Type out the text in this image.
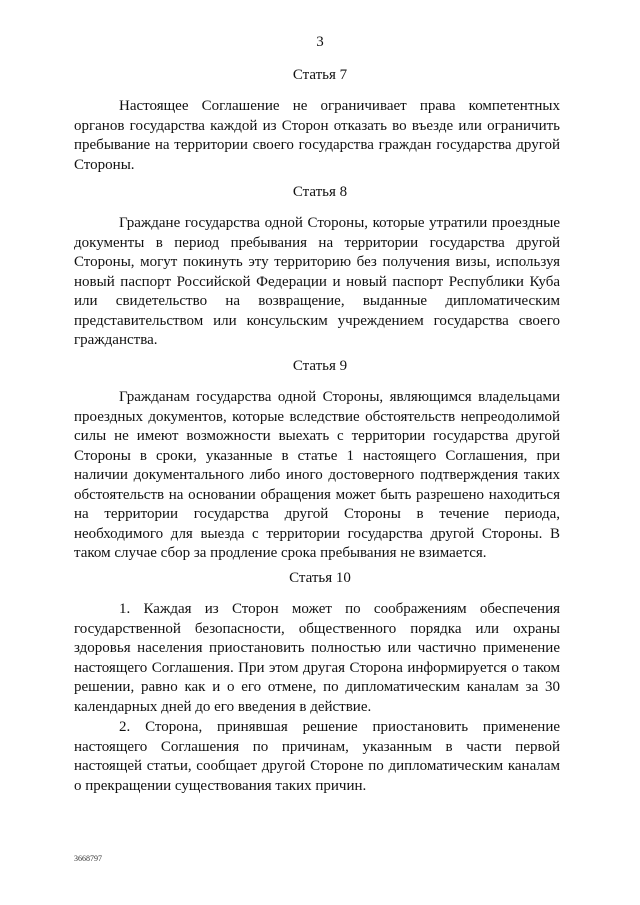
3
Статья 7
Настоящее Соглашение не ограничивает права компетентных органов государства каждой из Сторон отказать во въезде или ограничить пребывание на территории своего государства граждан государства другой Стороны.
Статья 8
Граждане государства одной Стороны, которые утратили проездные документы в период пребывания на территории государства другой Стороны, могут покинуть эту территорию без получения визы, используя новый паспорт Российской Федерации и новый паспорт Республики Куба или свидетельство на возвращение, выданные дипломатическим представительством или консульским учреждением государства своего гражданства.
Статья 9
Гражданам государства одной Стороны, являющимся владельцами проездных документов, которые вследствие обстоятельств непреодолимой силы не имеют возможности выехать с территории государства другой Стороны в сроки, указанные в статье 1 настоящего Соглашения, при наличии документального либо иного достоверного подтверждения таких обстоятельств на основании обращения может быть разрешено находиться на территории государства другой Стороны в течение периода, необходимого для выезда с территории государства другой Стороны. В таком случае сбор за продление срока пребывания не взимается.
Статья 10
1. Каждая из Сторон может по соображениям обеспечения государственной безопасности, общественного порядка или охраны здоровья населения приостановить полностью или частично применение настоящего Соглашения. При этом другая Сторона информируется о таком решении, равно как и о его отмене, по дипломатическим каналам за 30 календарных дней до его введения в действие.
2. Сторона, принявшая решение приостановить применение настоящего Соглашения по причинам, указанным в части первой настоящей статьи, сообщает другой Стороне по дипломатическим каналам о прекращении существования таких причин.
3668797
